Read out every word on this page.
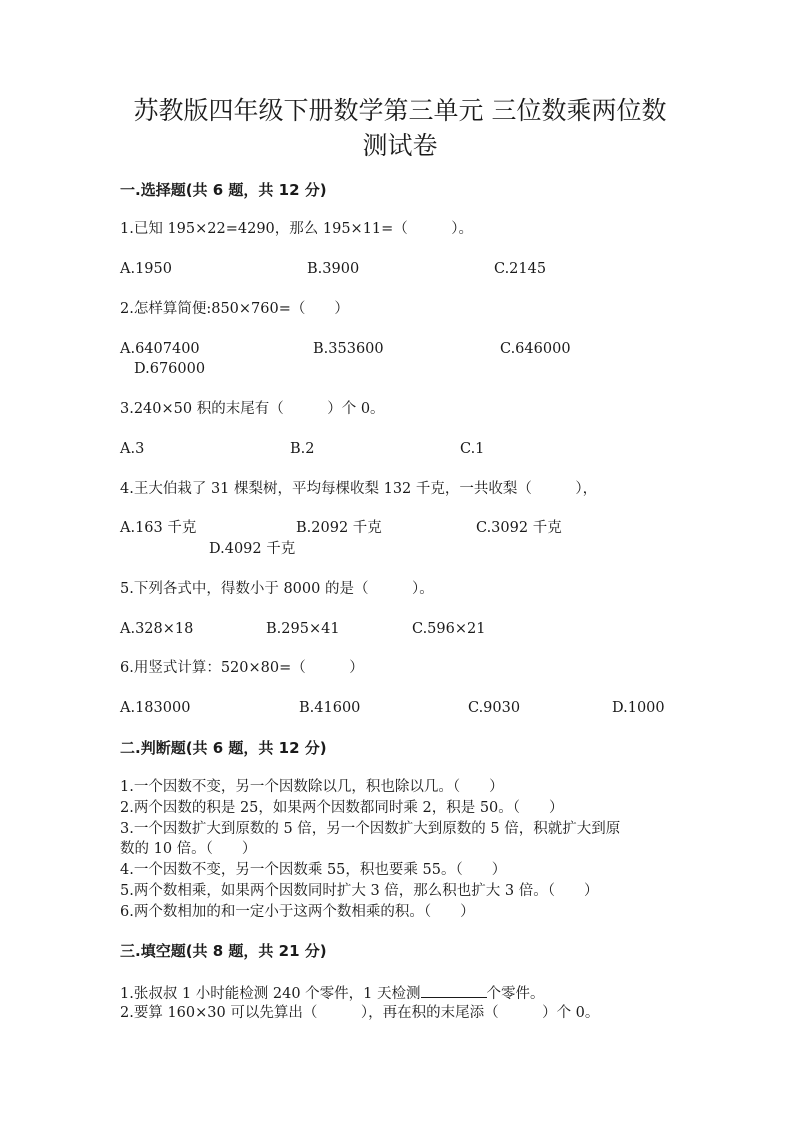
苏教版四年级下册数学第三单元 三位数乘两位数
测试卷
一.选择题(共 6 题，共 12 分)
1.已知 195×22=4290，那么 195×11=（　　　）。
A.1950	B.3900	C.2145
2.怎样算简便:850×760=（　　）
A.6407400	B.353600	C.646000
D.676000
3.240×50 积的末尾有（　　　）个 0。
A.3	B.2	C.1
4.王大伯栽了 31 棵梨树，平均每棵收梨 132 千克，一共收梨（　　　），
A.163 千克	B.2092 千克	C.3092 千克
D.4092 千克
5.下列各式中，得数小于 8000 的是（　　　）。
A.328×18	B.295×41	C.596×21
6.用竖式计算：520×80=（　　　）
A.183000	B.41600	C.9030	D.1000
二.判断题(共 6 题，共 12 分)
1.一个因数不变，另一个因数除以几，积也除以几。（　　）
2.两个因数的积是 25，如果两个因数都同时乘 2，积是 50。（　　）
3.一个因数扩大到原数的 5 倍，另一个因数扩大到原数的 5 倍，积就扩大到原
数的 10 倍。（　　）
4.一个因数不变，另一个因数乘 55，积也要乘 55。（　　）
5.两个数相乘，如果两个因数同时扩大 3 倍，那么积也扩大 3 倍。（　　）
6.两个数相加的和一定小于这两个数相乘的积。（　　）
三.填空题(共 8 题，共 21 分)
1.张叔叔 1 小时能检测 240 个零件，1 天检测	个零件。
2.要算 160×30 可以先算出（　　　），再在积的末尾添（　　　）个 0。
